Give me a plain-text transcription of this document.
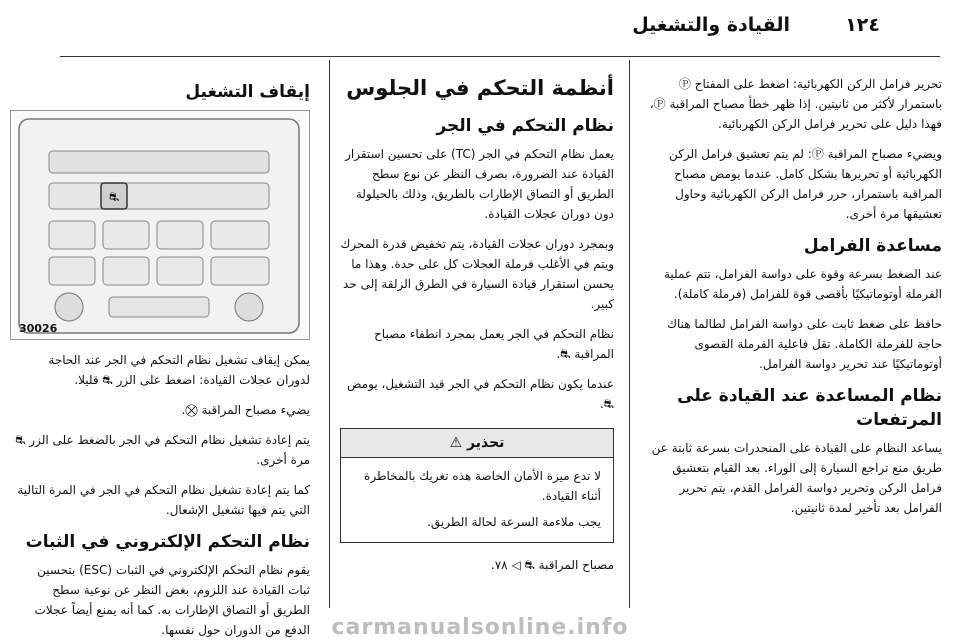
١٢٤
القيادة والتشغيل

تحرير فرامل الركن الكهربائية: اضغط على المفتاح Ⓟ باستمرار لأكثر من ثانيتين. إذا ظهر خطأ مصباح المراقبة Ⓟ، فهذا دليل على تحرير فرامل الركن الكهربائية.

ويضيء مصباح المراقبة Ⓟ: لم يتم تعشيق فرامل الركن الكهربائية أو تحريرها بشكل كامل. عندما يومض مصباح المراقبة باستمرار، حرر فرامل الركن الكهربائية وحاول تعشيقها مرة أخرى.

مساعدة الفرامل

عند الضغط بسرعة وقوة على دواسة الفرامل، تتم عملية الفرملة أوتوماتيكيًا بأقصى قوة للفرامل (فرملة كاملة).

حافظ على ضغط ثابت على دواسة الفرامل لطالما هناك حاجة للفرملة الكاملة. تقل فاعلية الفرملة القصوى أوتوماتيكيًا عند تحرير دواسة الفرامل.

نظام المساعدة عند القيادة على المرتفعات

يساعد النظام على القيادة على المنحدرات بسرعة ثابتة عن طريق منع تراجع السيارة إلى الوراء. بعد القيام بتعشيق فرامل الركن وتحرير دواسة الفرامل القدم، يتم تحرير الفرامل بعد تأخير لمدة ثانيتين.

أنظمة التحكم في الجلوس
نظام التحكم في الجر

يعمل نظام التحكم في الجر (TC) على تحسين استقرار القيادة عند الضرورة، بصرف النظر عن نوع سطح الطريق أو التصاق الإطارات بالطريق، وذلك بالحيلولة دون دوران عجلات القيادة.

وبمجرد دوران عجلات القيادة، يتم تخفيض قدرة المحرك ويتم في الأغلب فرملة العجلات كل على حدة. وهذا ما يحسن استقرار قيادة السيارة في الطرق الزلقة إلى حد كبير.

نظام التحكم في الجر يعمل بمجرد انطفاء مصباح المراقبة ⛐.

عندما يكون نظام التحكم في الجر قيد التشغيل، يومض ⛐.

تحذير ⚠

لا تدع ميزة الأمان الخاصة هذه تغريك بالمخاطرة أثناء القيادة.

يجب ملاءمة السرعة لحالة الطريق.

مصباح المراقبة ⛐ ◁ ٧٨.

إيقاف التشغيل
⛐
30026

يمكن إيقاف تشغيل نظام التحكم في الجر عند الحاجة لدوران عجلات القيادة: اضغط على الزر ⛐ قليلا.

يضيء مصباح المراقبة ⛒.

يتم إعادة تشغيل نظام التحكم في الجر بالضغط على الزر ⛐ مرة أخرى.

كما يتم إعادة تشغيل نظام التحكم في الجر في المرة التالية التي يتم فيها تشغيل الإشعال.

نظام التحكم الإلكتروني في الثبات

يقوم نظام التحكم الإلكتروني في الثبات (ESC) بتحسين ثبات القيادة عند اللزوم، بغض النظر عن نوعية سطح الطريق أو التصاق الإطارات به. كما أنه يمنع أيضاً عجلات الدفع من الدوران حول نفسها. carmanualsonline.info
